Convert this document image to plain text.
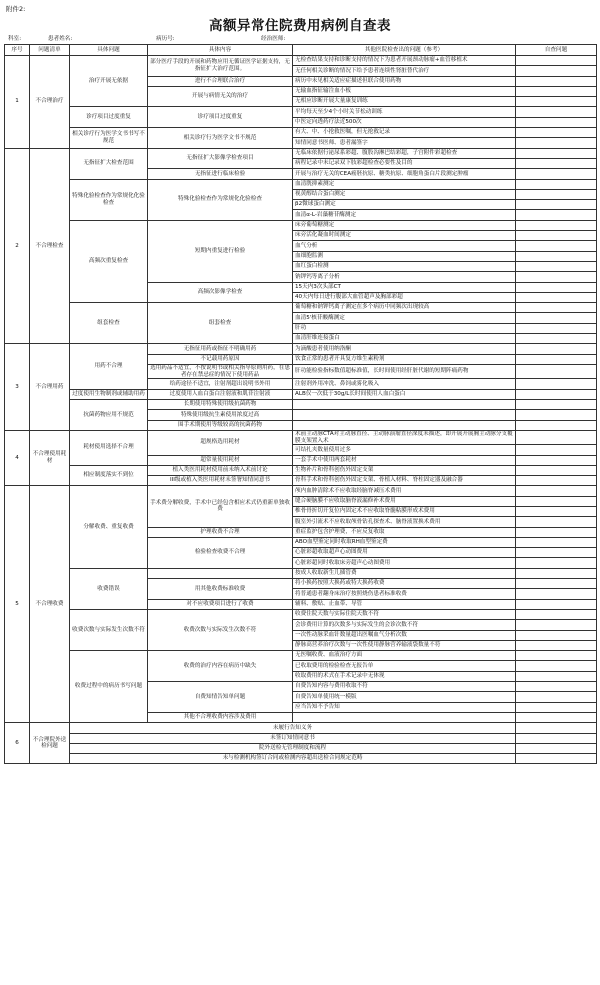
附件2:
高额异常住院费用病例自查表
科室:	患者姓名:	病历号:	经治医师:
序号	问题清单	具体问题	具体内容	其他医院检查出的问题（参考）	自查问题
1	不合理治疗	治疗开展无依据	部分医疗手段的开展和药物应用无循证医学证据支持，无指征扩大治疗范围。	无检查结果支持和诊断支持的情况下为患者开展颈动脉瘤+血管移植术	
				无任何相关诊断的情况下给予患者连续性肾脏替代治疗	
			进行不合理联合治疗	病历中未见相关适应症描述但联合使用药物	
			开展与病情无关的治疗	无输血指征输注血小板	
				无相应诊断开展大量康复训练	
		诊疗项目过度重复	诊疗项目过度重复	平均每天至少4个小时关节松动训练	
				中医定向透药疗法近500次	
		相关诊疗行为医学文书书写不规范	相关诊疗行为医学文书不规范	有大、中、小抢救医嘱，但无抢救记录	
				知情同意书医师、患者漏签字	
2	不合理检查	无指征扩大检查范围	无指征扩大影像学检查项目	无临床依据行泌尿系彩超、腹股沟淋巴结彩超，子宫附件彩超检查	
				病程记录中未记录双下肢彩超检查必要性及目的	
			无指征进行临床检验	开展与治疗无关的CEA癌胚抗原、糖类抗原、细胞角蛋白片段测定肿瘤	
		特殊化验检查作为常规化化验检查	特殊化验检查作为常规化化验检查	血清胱抑素测定	
				视黄醇结合蛋白测定	
				β2微球蛋白测定	
				血清α-L-岩藻糖苷酶测定	
		高频次重复检查	短期内重复进行检验	床旁葡萄糖测定	
				床旁活化凝血时间测定	
				血气分析	
				血细胞监测	
				血红蛋白检测	
				钠钾钙等离子分析	
			高频次影像学检查	15天内3次头部CT	
				40天内每日进行腹部大血管超声及胸部彩超	
		组套检查	组套检查	葡萄糖和钠钾钙离子测定在多个病历中同频次出现较高	
				血清5'核苷酸酶测定	
				肝功	
				血清肝维连接蛋白	
3	不合理用药	用药不合理	无指征用药或指征不明确用药	为滴酸患者使用纳洛酮	
			不记载用药原因	饮食正常的患者开具复方维生素粉剂	
			选用药品不适宜，不按说明书或相关指导原则用药，在患者存在禁忌症的情况下使用药品	肝功能检验指标数值超标准值，长时间使用经肝脏代谢的短期阵痛药物	
			给药途径不适宜，注射剂超出说明书外用	注射剂外用冲洗、鼻饲或雾化吸入	
		过度使用生物制剂或辅助用药	过度使用人血白蛋白注射液和肌苷注射液	ALB仅一次低于30g/L长时间使用人血白蛋白	
		抗菌药物应用不规范	长期使用特殊使用级抗菌药物		
			特殊使用级抗生素使用浓度过高		
			围手术期使用等级较高的抗菌药物		
4	不合理使用耗材	耗材使用选择不合理	超规格选用耗材	术前主动脉CTA对主动脉直径、主动脉演瘤直径深度未描述，即开展开展胸主动脉分支覆膜支架置入术	
				可结扎夹数量使用过多	
			超常量使用耗材	一套手术中使用两套耗材	
		相应制度落实不到位	植入类医用耗材使用前未纳入术前讨论	生物补片和骨科创伤外固定支架	
			III级或植入类医用耗材未签署知情同意书	骨科手术和骨科创伤外固定支架、骨植入材料、脊柱固定器及融合器	
5	不合理收费	分解收费、重复收费	手术费分解收费，手术中已经包含相应术式仍重新单独收费	颅内血肿清除术不应收取经脑脊减压术费用	
				缝合硬脑膜不应收取脑脊液漏修补术费用	
				椎骨骨折切开复位内固定术不应收取脊髓粘膜形成术费用	
				腹室外引流术不应收取颅骨钻孔探查术、脑脊液置换术费用	
			护理收费不合理	重症监护包含护理费，不应反复收取	
			检验检查收费不合理	ABO血型鉴定同时收取RH血型鉴定费	
				心脏彩超收取超声心动图费用	
				心脏彩超同时收取床旁超声心动图费用	
		收费错误		按成人收取新生儿插管费	
			用其他收费标准收费	将小换药按照大换药或特大换药收费	
				将普通患者翻身床治疗按照烧伤患者标准收费	
			对不应收费项目进行了收费	辅料、敷贴、止血带、导管	
		收费次数与实际发生次数不符	收费次数与实际发生次数不符	收费住院天数与实际住院天数不符	
				会诊费用计算的次数多与实际发生的会诊次数不符	
				一次性动脉采血针数量超出医嘱血气分析次数	
				静脉高营养治疗次数与一次性使用静脉营养输液袋数量不符	
		收费过程中的病历书写问题	收费的治疗内容在病历中缺失	无医嘱收费、血液治疗方面	
				已收取费用的检验检查无报告单	
				收取费用的术式在手术记录中无体现	
			自费知情告知单问题	自费告知内容与费用收取不符	
				自费告知单使用统一模版	
				应当告知不予告知	
			其他不合理收费内容涉及费用		
6	不合理院外送检问题	未履行告知义务			
		未签订知情同意书			
		院外送检无管理制度和流程			
		未与检测机构签订合同或检测内容超出送检合同规定范畴			
